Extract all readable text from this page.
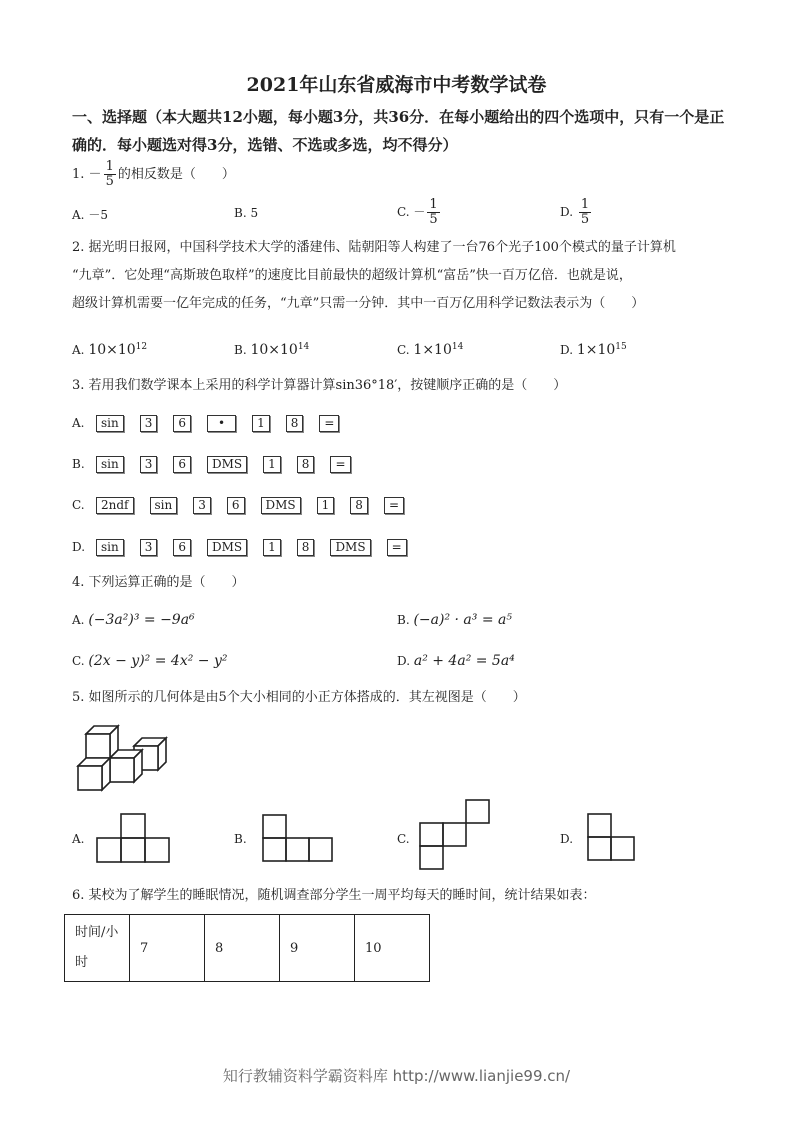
2021年山东省威海市中考数学试卷
一、选择题（本大题共12小题，每小题3分，共36分．在每小题给出的四个选项中，只有一个是正确的．每小题选对得3分，选错、不选或多选，均不得分）
1. － $\frac{1}{5}$ 的相反数是（　　）
A. －5	B. 5	C. － $\frac{1}{5}$	D. $\frac{1}{5}$
2. 据光明日报网，中国科学技术大学的潘建伟、陆朝阳等人构建了一台76个光子100个模式的量子计算机
“九章”．它处理“高斯玻色取样”的速度比目前最快的超级计算机“富岳”快一百万亿倍．也就是说，
超级计算机需要一亿年完成的任务，“九章”只需一分钟．其中一百万亿用科学记数法表示为（　　）
A. $10\times 10^{12}$	B. $10\times 10^{14}$	C. $1\times 10^{14}$	D. $1\times 10^{15}$
3. 若用我们数学课本上采用的科学计算器计算sin36°18′，按键顺序正确的是（　　）
A.	sin	3	6	•	1	8	=
B.	sin	3	6	DMS	1	8	=
C.	2ndf	sin	3	6	DMS	1	8	=
D.	sin	3	6	DMS	1	8	DMS	=
4. 下列运算正确的是（　　）
A. (−3a²)³ = −9a⁶	B. (−a)² · a³ = a⁵
C. (2x − y)² = 4x² − y²	D. a² + 4a² = 5a⁴
5. 如图所示的几何体是由5个大小相同的小正方体搭成的．其左视图是（　　）
A.	B.	C.	D.
6. 某校为了解学生的睡眠情况，随机调查部分学生一周平均每天的睡时间，统计结果如表：
时间/小
时
	7	8	9	10
知行教辅资料学霸资料库 http://www.lianjie99.cn/
